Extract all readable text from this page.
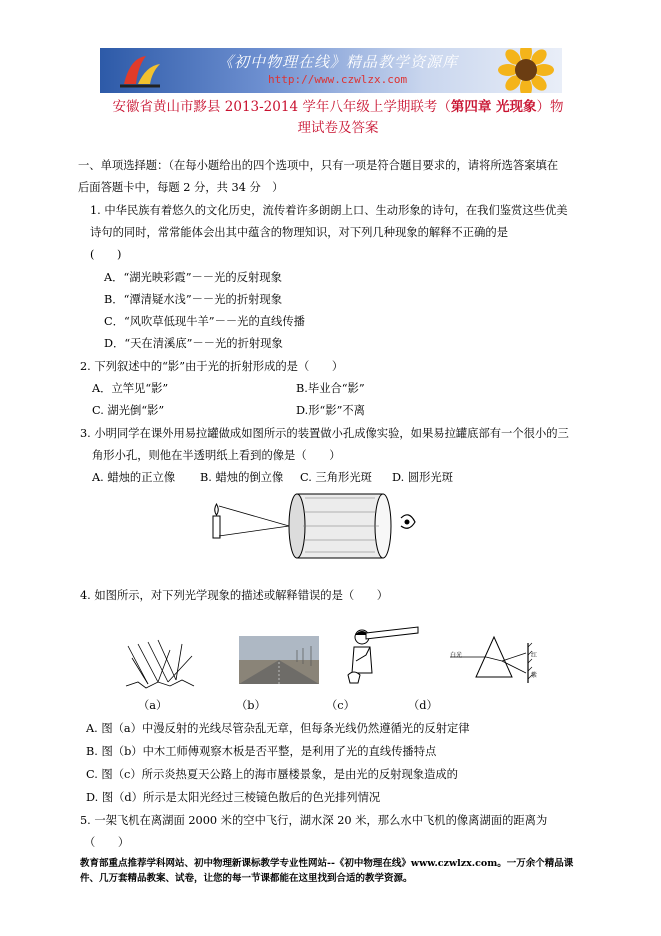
《初中物理在线》精品教学资源库
http://www.czwlzx.com
安徽省黄山市黟县 2013-2014 学年八年级上学期联考（第四章 光现象）物
理试卷及答案
一、单项选择题：（在每小题给出的四个选项中，只有一项是符合题目要求的，请将所选答案填在
后面答题卡中，每题 2 分，共 34 分　）
1. 中华民族有着悠久的文化历史，流传着许多朗朗上口、生动形象的诗句，在我们鉴赏这些优美
诗句的同时，常常能体会出其中蕴含的物理知识，对下列几种现象的解释不正确的是
(　　)
A．“湖光映彩霞”－－光的反射现象
B．“潭清疑水浅”－－光的折射现象
C．“风吹草低现牛羊”－－光的直线传播
D．“天在清溪底”－－光的折射现象
2. 下列叙述中的“影”由于光的折射形成的是（　　）
A．立竿见“影”	B.毕业合“影”
C. 湖光倒“影”	D.形“影”不离
3. 小明同学在课外用易拉罐做成如图所示的装置做小孔成像实验，如果易拉罐底部有一个很小的三
角形小孔，则他在半透明纸上看到的像是（　　）
A. 蜡烛的正立像 B. 蜡烛的倒立像 C. 三角形光斑 D. 圆形光斑
4. 如图所示，对下列光学现象的描述或解释错误的是（　　）
白光	红
紫
（a）	（b）	（c）	（d）
A. 图（a）中漫反射的光线尽管杂乱无章，但每条光线仍然遵循光的反射定律
B. 图（b）中木工师傅观察木板是否平整，是利用了光的直线传播特点
C. 图（c）所示炎热夏天公路上的海市蜃楼景象，是由光的反射现象造成的
D. 图（d）所示是太阳光经过三棱镜色散后的色光排列情况
5. 一架飞机在离湖面 2000 米的空中飞行，湖水深 20 米，那么水中飞机的像离湖面的距离为
（　　）
教育部重点推荐学科网站、初中物理新课标教学专业性网站--《初中物理在线》www.czwlzx.com。一万余个精品课
件、几万套精品教案、试卷，让您的每一节课都能在这里找到合适的教学资源。
